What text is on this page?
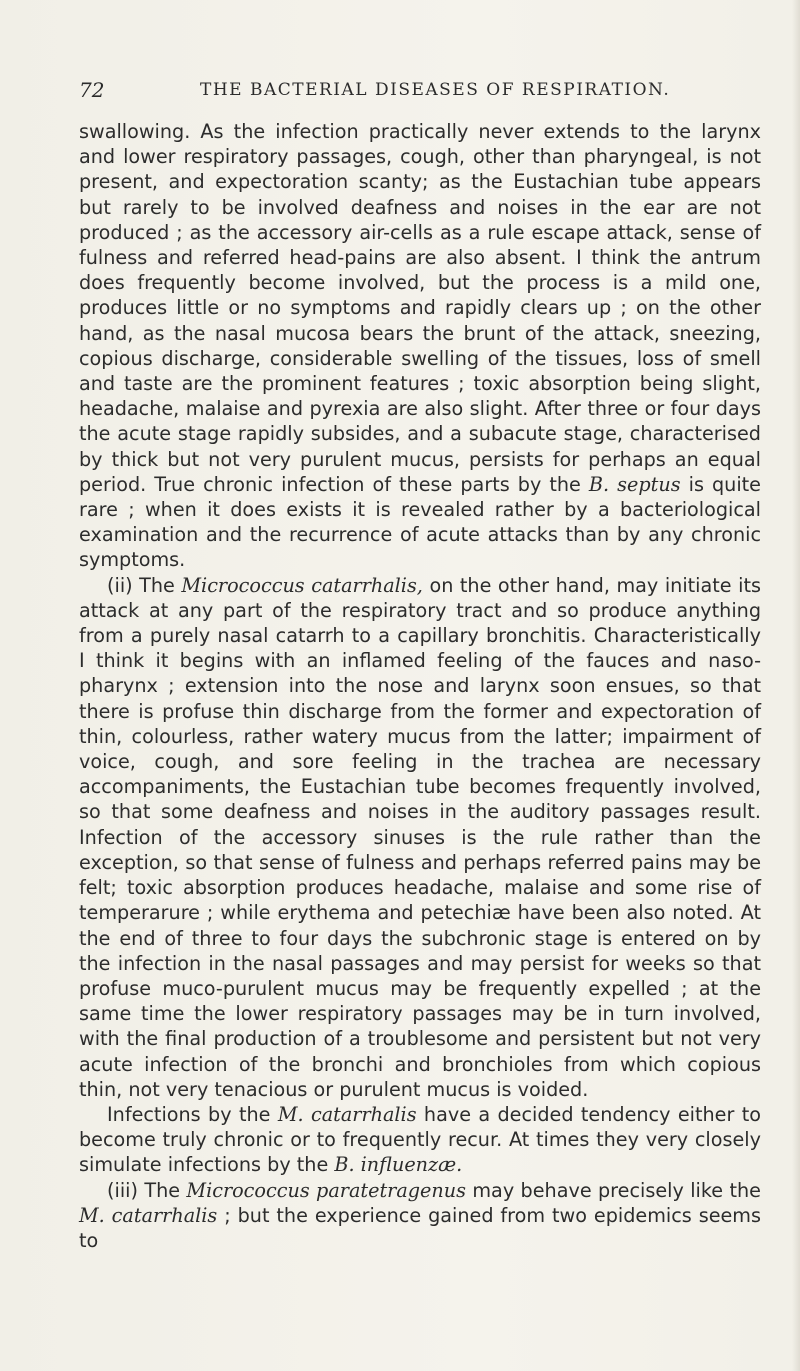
72	THE BACTERIAL DISEASES OF RESPIRATION.

swallowing. As the infection practically never extends to the larynx and lower respiratory passages, cough, other than pharyngeal, is not present, and expectoration scanty; as the Eustachian tube appears but rarely to be involved deafness and noises in the ear are not produced ; as the accessory air-cells as a rule escape attack, sense of fulness and referred head-pains are also absent. I think the antrum does frequently become involved, but the process is a mild one, produces little or no symptoms and rapidly clears up ; on the other hand, as the nasal mucosa bears the brunt of the attack, sneezing, copious discharge, considerable swelling of the tissues, loss of smell and taste are the prominent features ; toxic absorption being slight, headache, malaise and pyrexia are also slight. After three or four days the acute stage rapidly subsides, and a subacute stage, characterised by thick but not very purulent mucus, persists for perhaps an equal period. True chronic infection of these parts by the B. septus is quite rare ; when it does exists it is revealed rather by a bacteriological examination and the recurrence of acute attacks than by any chronic symptoms.

(ii) The Micrococcus catarrhalis, on the other hand, may initiate its attack at any part of the respiratory tract and so produce anything from a purely nasal catarrh to a capillary bronchitis. Characteristically I think it begins with an inflamed feeling of the fauces and naso-pharynx ; extension into the nose and larynx soon ensues, so that there is profuse thin discharge from the former and expectoration of thin, colourless, rather watery mucus from the latter; impairment of voice, cough, and sore feeling in the trachea are necessary accompaniments, the Eustachian tube becomes frequently involved, so that some deafness and noises in the auditory passages result. Infection of the accessory sinuses is the rule rather than the exception, so that sense of fulness and perhaps referred pains may be felt; toxic absorption produces headache, malaise and some rise of temperarure ; while erythema and petechiæ have been also noted. At the end of three to four days the subchronic stage is entered on by the infection in the nasal passages and may persist for weeks so that profuse muco-purulent mucus may be frequently expelled ; at the same time the lower respiratory passages may be in turn involved, with the final production of a troublesome and persistent but not very acute infection of the bronchi and bronchioles from which copious thin, not very tenacious or purulent mucus is voided.

Infections by the M. catarrhalis have a decided tendency either to become truly chronic or to frequently recur. At times they very closely simulate infections by the B. influenzæ.

(iii) The Micrococcus paratetragenus may behave precisely like the M. catarrhalis ; but the experience gained from two epidemics seems to
